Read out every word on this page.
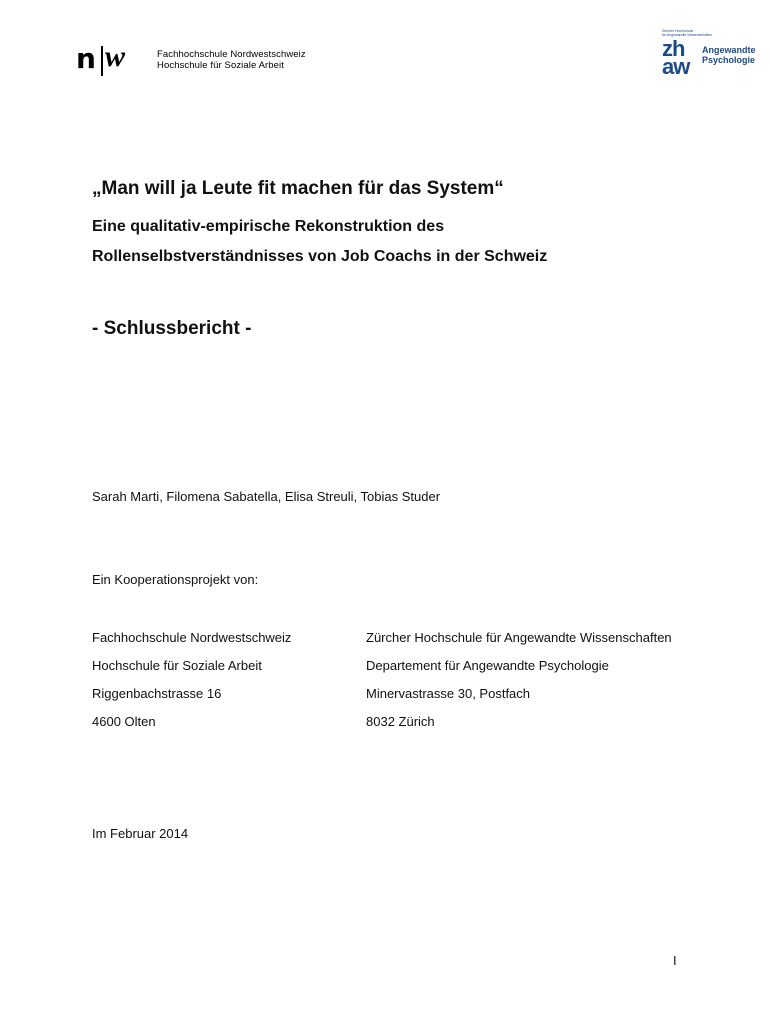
n w	Fachhochschule Nordwestschweiz
Hochschule für Soziale Arbeit
Zürcher Hochschule
für Angewandte Wissenschaften
zh
aw
Angewandte
Psychologie
„Man will ja Leute fit machen für das System“
Eine qualitativ-empirische Rekonstruktion des
Rollenselbstverständnisses von Job Coachs in der Schweiz
- Schlussbericht -
Sarah Marti, Filomena Sabatella, Elisa Streuli, Tobias Studer
Ein Kooperationsprojekt von:
Fachhochschule Nordwestschweiz
Hochschule für Soziale Arbeit
Riggenbachstrasse 16
4600 Olten
Zürcher Hochschule für Angewandte Wissenschaften
Departement für Angewandte Psychologie
Minervastrasse 30, Postfach
8032 Zürich
Im Februar 2014
I
